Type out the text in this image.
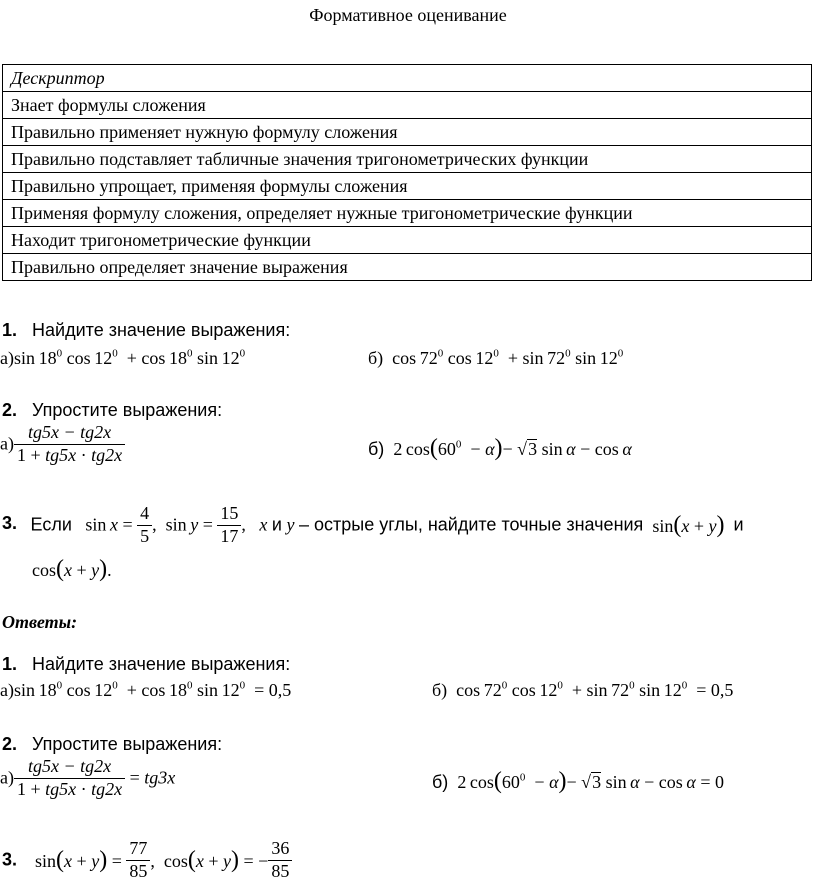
Формативное оценивание
Дескриптор
Знает формулы сложения
Правильно применяет нужную формулу сложения
Правильно подставляет табличные значения тригонометрических функции
Правильно упрощает, применяя формулы сложения
Применяя формулу сложения, определяет нужные тригонометрические функции
Находит тригонометрические функции
Правильно определяет значение выражения
1. Найдите значение выражения:
а)sin $18^0$ $\cos 12^0 + \cos 18^0$ $\sin 12^0$	б)  $\cos 72^0$ $\cos 12^0 + \sin 72^0$ $\sin 12^0$
2. Упростите выражения:
$а) \frac{tg5x - tg2x}{1 + tg5x \cdot tg2x}$	б)  2 $\cos(60^0 - \alpha)- √3$ sin α − cos α
3. Если $\sin x = \frac{4}{5}$ ,  $\sin y = \frac{15}{17}$ ,   x и y – острые углы, найдите точные значения  sin(x + y) и
cos(x + y).
Ответы:
1. Найдите значение выражения:
а)sin $18^0$ $\cos 12^0 + \cos 18^0$ $\sin 12^0 = 0,5$	б)  $\cos 72^0$ $\cos 12^0 + \sin 72^0$ $\sin 12^0 = 0,5$
2. Упростите выражения:
$а) \frac{tg5x - tg2x}{1 + tg5x \cdot tg2x} = tg3x$	б)  2 $\cos(60^0 - \alpha)- √3$ sin α − cos α = 0
3. $\sin(x + y) = \frac{77}{85}$ ,  cos(x + y) = − $\frac{36}{85}$
